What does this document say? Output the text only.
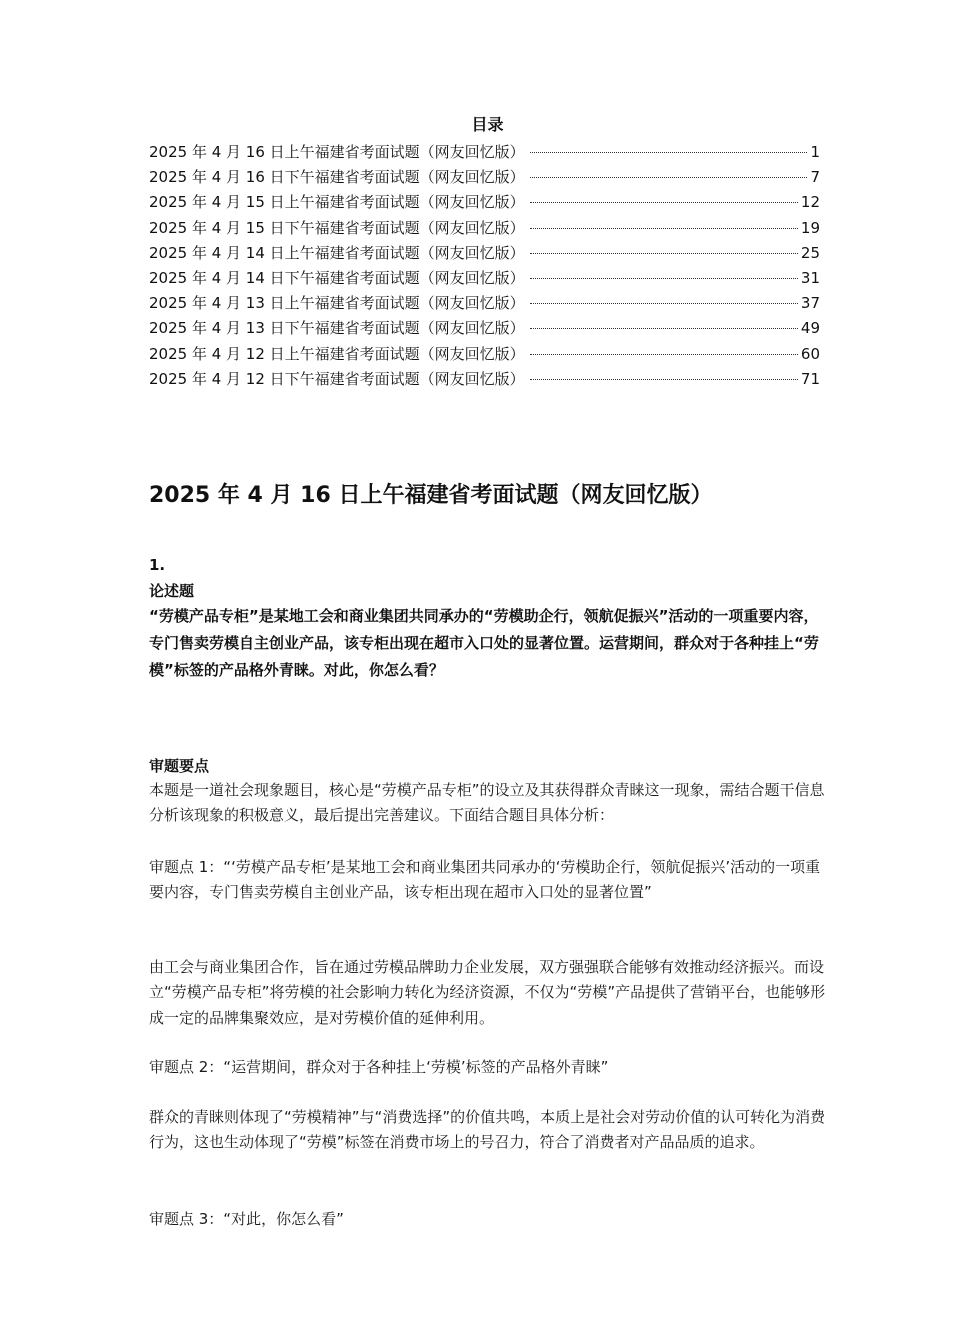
目录
2025 年 4 月 16 日上午福建省考面试题（网友回忆版）	1
2025 年 4 月 16 日下午福建省考面试题（网友回忆版）	7
2025 年 4 月 15 日上午福建省考面试题（网友回忆版）	12
2025 年 4 月 15 日下午福建省考面试题（网友回忆版）	19
2025 年 4 月 14 日上午福建省考面试题（网友回忆版）	25
2025 年 4 月 14 日下午福建省考面试题（网友回忆版）	31
2025 年 4 月 13 日上午福建省考面试题（网友回忆版）	37
2025 年 4 月 13 日下午福建省考面试题（网友回忆版）	49
2025 年 4 月 12 日上午福建省考面试题（网友回忆版）	60
2025 年 4 月 12 日下午福建省考面试题（网友回忆版）	71
2025 年 4 月 16 日上午福建省考面试题（网友回忆版）
1.
论述题
“劳模产品专柜”是某地工会和商业集团共同承办的“劳模助企行，领航促振兴”活动的一项重要内容，专门售卖劳模自主创业产品，该专柜出现在超市入口处的显著位置。运营期间，群众对于各种挂上“劳模”标签的产品格外青睐。对此，你怎么看？
审题要点
本题是一道社会现象题目，核心是“劳模产品专柜”的设立及其获得群众青睐这一现象，需结合题干信息分析该现象的积极意义，最后提出完善建议。下面结合题目具体分析：
审题点 1：“‘劳模产品专柜’是某地工会和商业集团共同承办的‘劳模助企行，领航促振兴’活动的一项重要内容，专门售卖劳模自主创业产品，该专柜出现在超市入口处的显著位置”
由工会与商业集团合作，旨在通过劳模品牌助力企业发展，双方强强联合能够有效推动经济振兴。而设立“劳模产品专柜”将劳模的社会影响力转化为经济资源，不仅为“劳模”产品提供了营销平台，也能够形成一定的品牌集聚效应，是对劳模价值的延伸利用。
审题点 2：“运营期间，群众对于各种挂上‘劳模’标签的产品格外青睐”
群众的青睐则体现了“劳模精神”与“消费选择”的价值共鸣，本质上是社会对劳动价值的认可转化为消费行为，这也生动体现了“劳模”标签在消费市场上的号召力，符合了消费者对产品品质的追求。
审题点 3：“对此，你怎么看”
